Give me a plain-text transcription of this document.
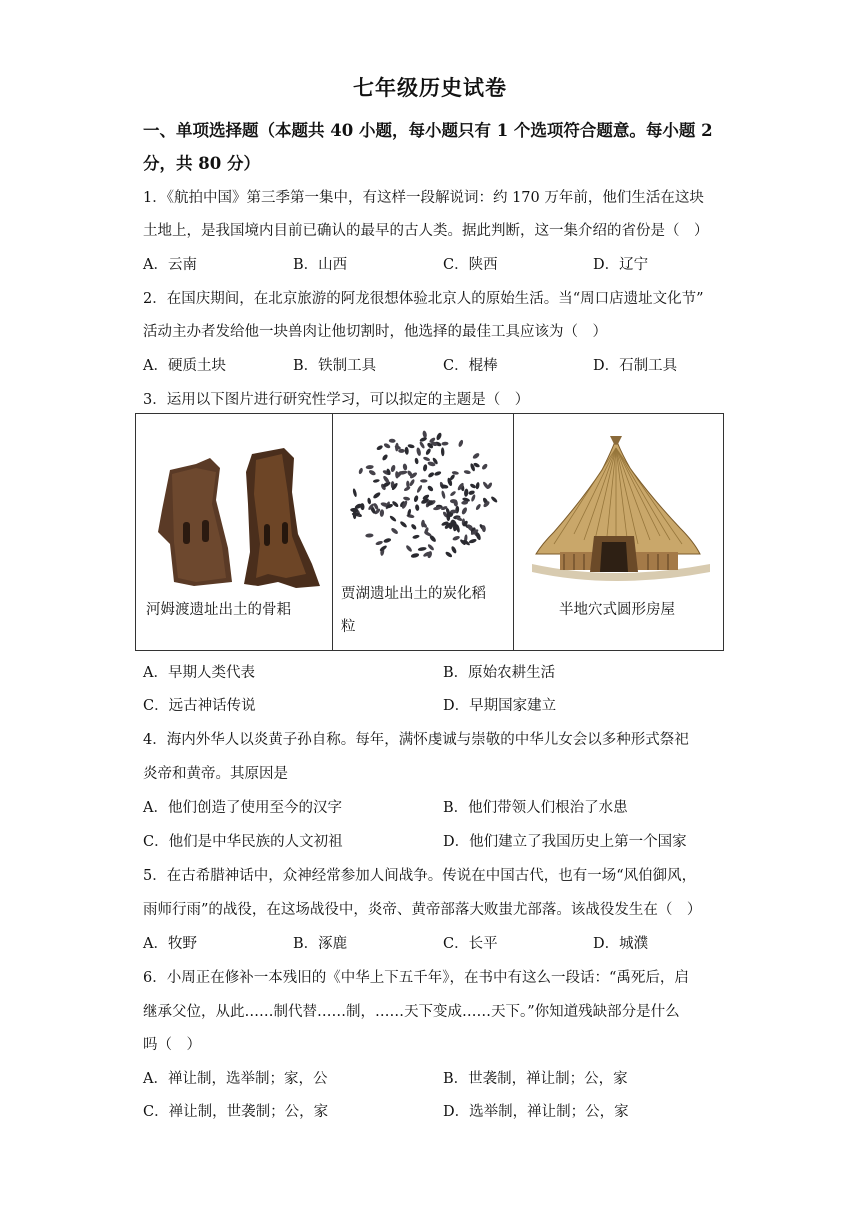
七年级历史试卷
一、单项选择题（本题共 40 小题，每小题只有 1 个选项符合题意。每小题 2
分，共 80 分）
1．《航拍中国》第三季第一集中，有这样一段解说词：约 170 万年前，他们生活在这块
土地上，是我国境内目前已确认的最早的古人类。据此判断，这一集介绍的省份是（　）
A．云南	B．山西	C．陕西	D．辽宁
2．在国庆期间，在北京旅游的阿龙很想体验北京人的原始生活。当“周口店遗址文化节”
活动主办者发给他一块兽肉让他切割时，他选择的最佳工具应该为（　）
A．硬质土块	B．铁制工具	C．棍棒	D．石制工具
3．运用以下图片进行研究性学习，可以拟定的主题是（　）
河姆渡遗址出土的骨耜
贾湖遗址出土的炭化稻
粒
半地穴式圆形房屋
A．早期人类代表	B．原始农耕生活
C．远古神话传说	D．早期国家建立
4．海内外华人以炎黄子孙自称。每年，满怀虔诚与崇敬的中华儿女会以多种形式祭祀
炎帝和黄帝。其原因是
A．他们创造了使用至今的汉字	B．他们带领人们根治了水患
C．他们是中华民族的人文初祖	D．他们建立了我国历史上第一个国家
5．在古希腊神话中，众神经常参加人间战争。传说在中国古代，也有一场“风伯御风，
雨师行雨”的战役，在这场战役中，炎帝、黄帝部落大败蚩尤部落。该战役发生在（　）
A．牧野	B．涿鹿	C．长平	D．城濮
6．小周正在修补一本残旧的《中华上下五千年》，在书中有这么一段话：“禹死后，启
继承父位，从此……制代替……制，……天下变成……天下。”你知道残缺部分是什么
吗（　）
A．禅让制，选举制；家，公	B．世袭制，禅让制；公，家
C．禅让制，世袭制；公，家	D．选举制，禅让制；公，家
